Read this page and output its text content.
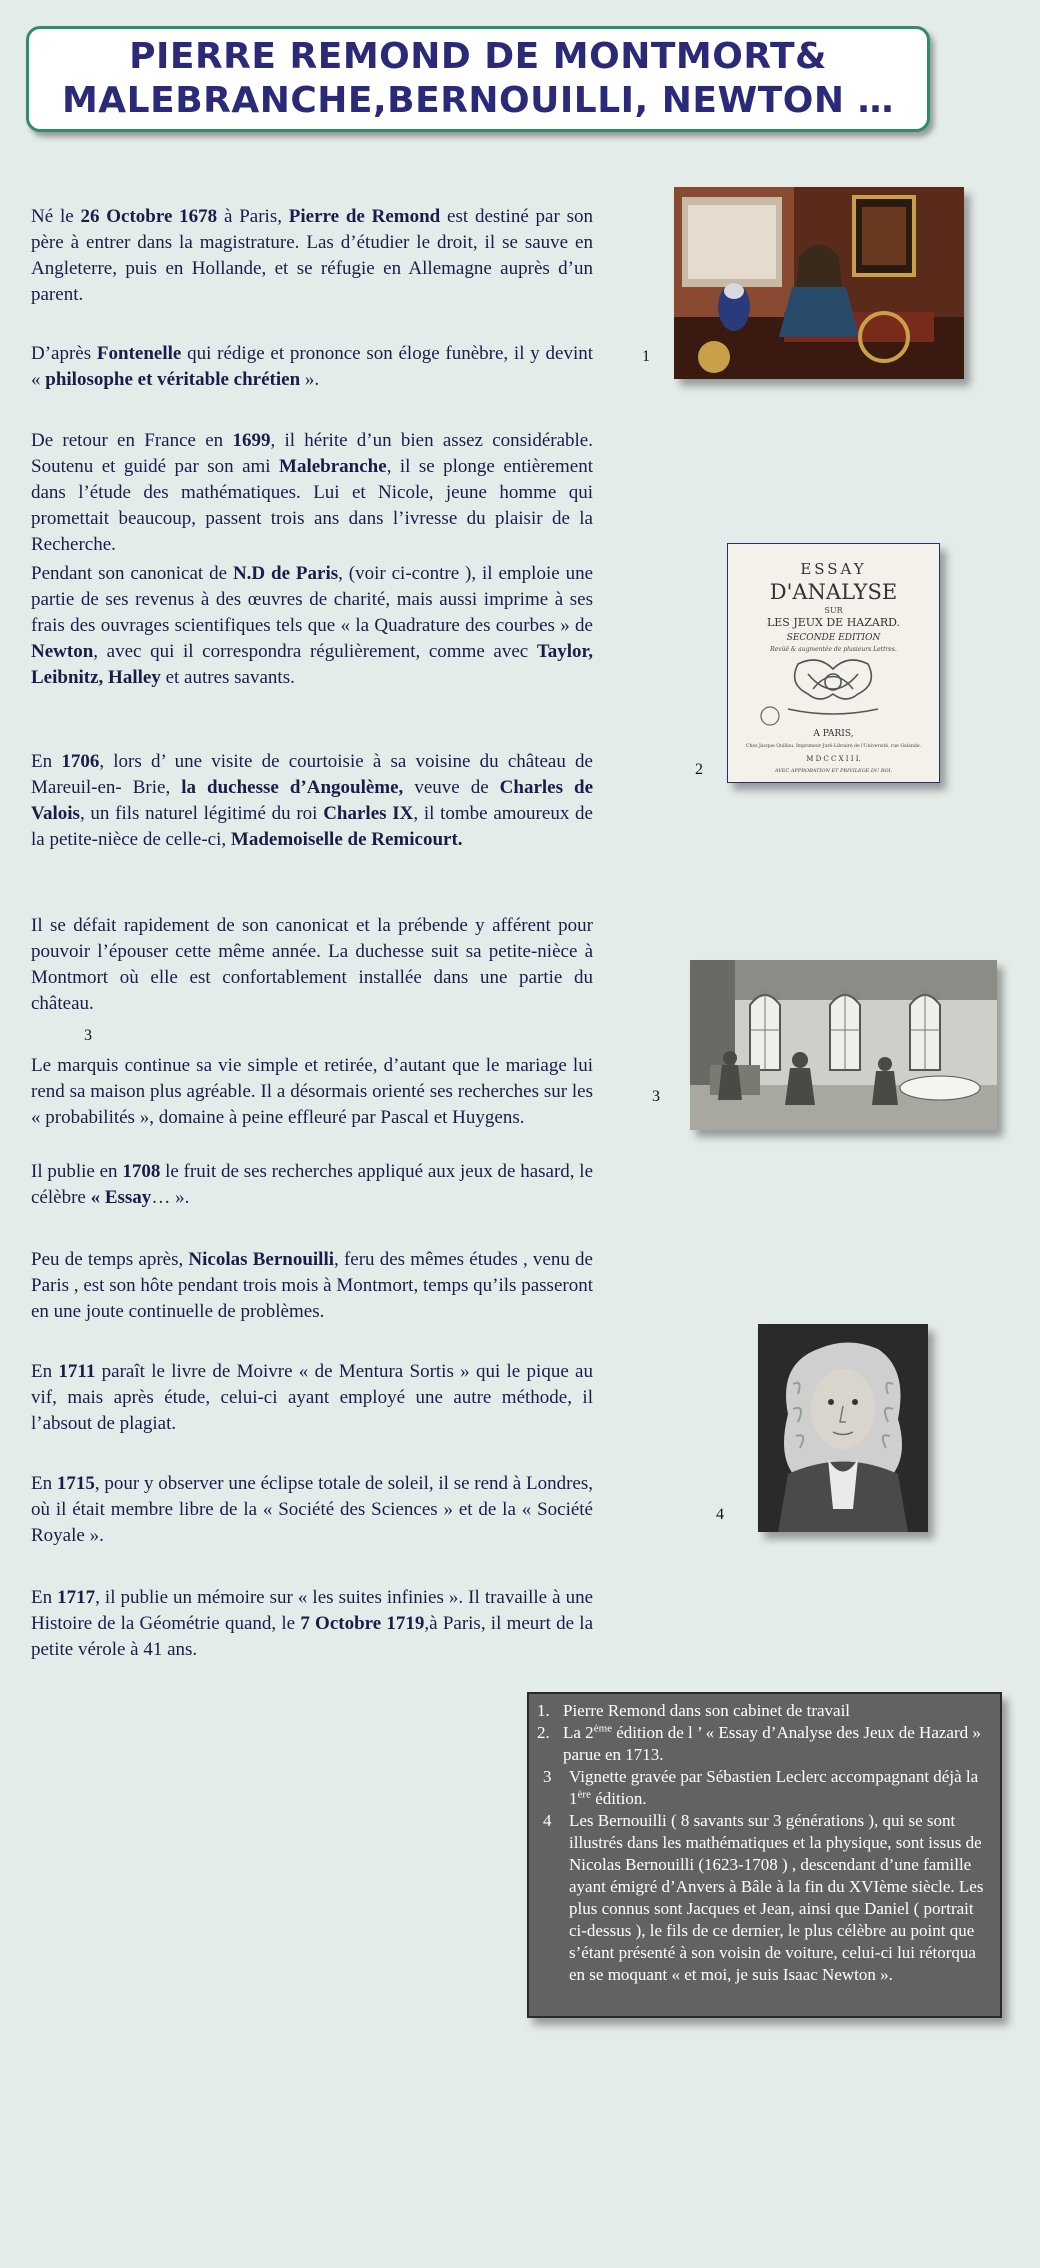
PIERRE REMOND DE MONTMORT&
MALEBRANCHE,BERNOUILLI, NEWTON …

Né le 26 Octobre 1678 à Paris, Pierre de Remond est destiné par son père à entrer dans la magistrature. Las d’étudier le droit, il se sauve en Angleterre, puis en Hollande, et se réfugie en Allemagne auprès d’un parent.

D’après Fontenelle qui rédige et prononce son éloge funèbre, il y devint « philosophe et véritable chrétien ».

De retour en France en 1699, il hérite d’un bien assez considérable. Soutenu et guidé par son ami Malebranche, il se plonge entièrement dans l’étude des mathématiques. Lui et Nicole, jeune homme qui promettait beaucoup, passent trois ans dans l’ivresse du plaisir de la Recherche.

Pendant son canonicat de N.D de Paris, (voir ci-contre ), il emploie une partie de ses revenus à des œuvres de charité, mais aussi imprime à ses frais des ouvrages scientifiques tels que « la Quadrature des courbes » de Newton, avec qui il correspondra régulièrement, comme avec Taylor, Leibnitz, Halley et autres savants.

En 1706, lors d’ une visite de courtoisie à sa voisine du château de Mareuil-en- Brie, la duchesse d’Angoulème, veuve de Charles de Valois, un fils naturel légitimé du roi Charles IX, il tombe amoureux de la petite-nièce de celle-ci, Mademoiselle de Remicourt.

Il se défait rapidement de son canonicat et la prébende y afférent pour pouvoir l’épouser cette même année. La duchesse suit sa petite-nièce à Montmort où elle est confortablement installée dans une partie du château.

3

Le marquis continue sa vie simple et retirée, d’autant que le mariage lui rend sa maison plus agréable. Il a désormais orienté ses recherches sur les « probabilités », domaine à peine effleuré par Pascal et Huygens.

Il publie en 1708 le fruit de ses recherches appliqué aux jeux de hasard, le célèbre « Essay… ».

Peu de temps après, Nicolas Bernouilli, feru des mêmes études , venu de Paris , est son hôte pendant trois mois à Montmort, temps qu’ils passeront en une joute continuelle de problèmes.

En 1711 paraît le livre de Moivre « de Mentura Sortis » qui le pique au vif, mais après étude, celui-ci ayant employé une autre méthode, il l’absout de plagiat.

En 1715, pour y observer une éclipse totale de soleil, il se rend à Londres, où il était membre libre de la « Société des Sciences » et de la « Société Royale ».

En 1717, il publie un mémoire sur « les suites infinies ». Il travaille à une Histoire de la Géométrie quand, le 7 Octobre 1719,à Paris, il meurt de la petite vérole à 41 ans.

1
2
ESSAY
D'ANALYSE
SUR
LES JEUX DE HAZARD.
SECONDE EDITION
Revûë & augmentée de plusieurs Lettres.
A PARIS,
Chez Jacque Quillau, Imprimeur-Juré-Libraire de l'Université, rue Galande.
M D C C X I I I.
AVEC APPROBATION ET PRIVILEGE DU ROI.
3
4
1. Pierre Remond dans son cabinet de travail
2. La 2ème édition de l ’ « Essay d’Analyse des Jeux de Hazard » parue en 1713.
3	Vignette gravée par Sébastien Leclerc accompagnant déjà la 1ère édition.
4	Les Bernouilli ( 8 savants sur 3 générations ), qui se sont illustrés dans les mathématiques et la physique, sont issus de Nicolas Bernouilli (1623-1708 ) , descendant d’une famille ayant émigré d’Anvers à Bâle à la fin du XVIème siècle. Les plus connus sont Jacques et Jean, ainsi que Daniel ( portrait ci-dessus ), le fils de ce dernier, le plus célèbre au point que s’étant présenté à son voisin de voiture, celui-ci lui rétorqua en se moquant « et moi, je suis Isaac Newton ».
